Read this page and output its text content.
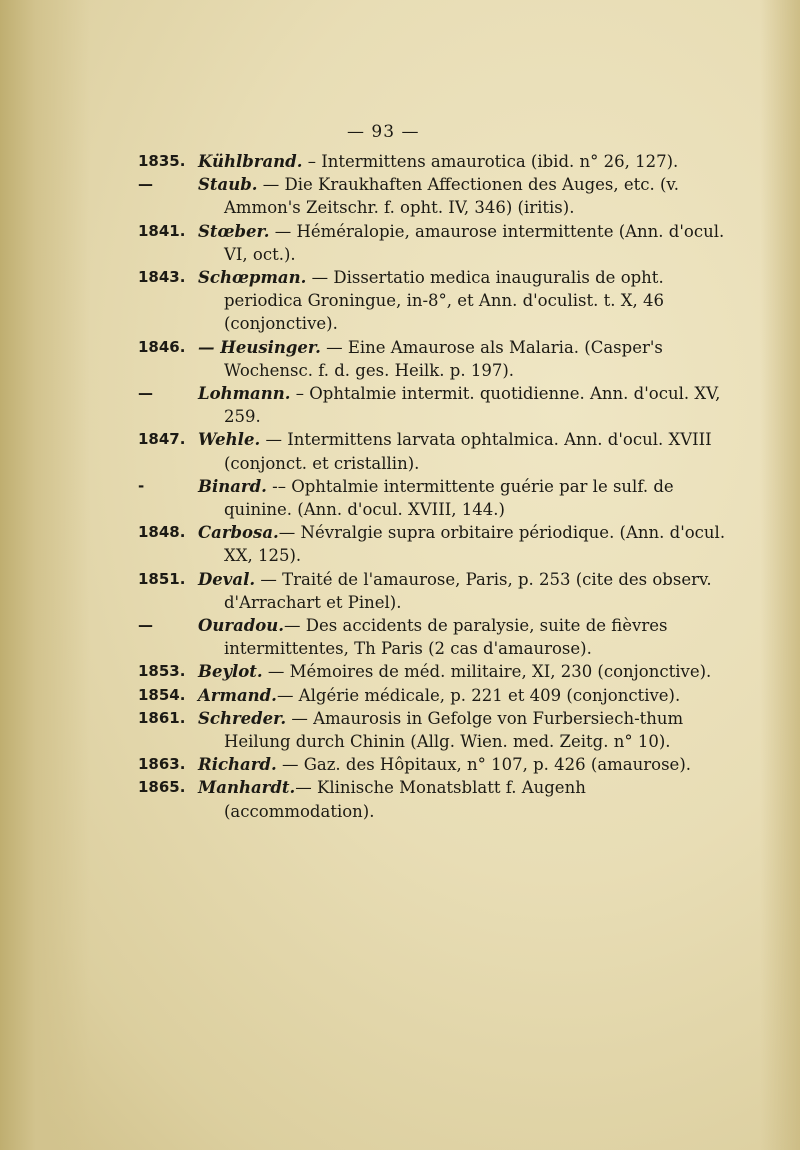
— 93 —
1835. Kühlbrand. – Intermittens amaurotica (ibid. n° 26, 127).
—	Staub. — Die Kraukhaften Affectionen des Auges, etc. (v. Ammon's Zeitschr. f. opht. IV, 346) (iritis).
1841. Stœber. — Héméralopie, amaurose intermittente (Ann. d'ocul. VI, oct.).
1843. Schœpman. — Dissertatio medica inauguralis de opht. periodica Groningue, in-8°, et Ann. d'oculist. t. X, 46 (conjonctive).
1846. — Heusinger. — Eine Amaurose als Malaria. (Casper's Wochensc. f. d. ges. Heilk. p. 197).
—	Lohmann. – Ophtalmie intermit. quotidienne. Ann. d'ocul. XV, 259.
1847. Wehle. — Intermittens larvata ophtalmica. Ann. d'ocul. XVIII (conjonct. et cristallin).
-	Binard. -– Ophtalmie intermittente guérie par le sulf. de quinine. (Ann. d'ocul. XVIII, 144.)
1848. Carbosa.— Névralgie supra orbitaire périodique. (Ann. d'ocul. XX, 125).
1851. Deval. — Traité de l'amaurose, Paris, p. 253 (cite des observ. d'Arrachart et Pinel).
—	Ouradou.— Des accidents de paralysie, suite de fièvres intermittentes, Th Paris (2 cas d'amaurose).
1853. Beylot. — Mémoires de méd. militaire, XI, 230 (conjonctive).
1854. Armand.— Algérie médicale, p. 221 et 409 (conjonctive).
1861. Schreder. — Amaurosis in Gefolge von Furbersiech-thum Heilung durch Chinin (Allg. Wien. med. Zeitg. n° 10).
1863. Richard. — Gaz. des Hôpitaux, n° 107, p. 426 (amaurose).
1865. Manhardt.— Klinische Monatsblatt f. Augenh (accommodation).
